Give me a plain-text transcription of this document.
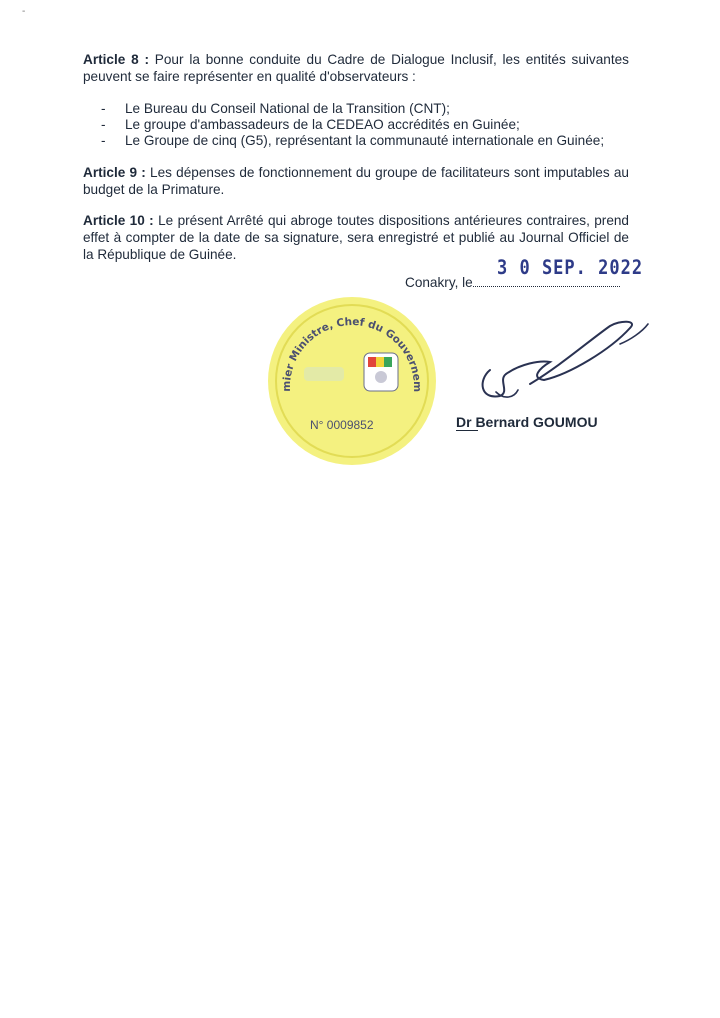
-

Article 8 : Pour la bonne conduite du Cadre de Dialogue Inclusif, les entités suivantes peuvent se faire représenter en qualité d'observateurs :

- Le Bureau du Conseil National de la Transition (CNT);
- Le groupe d'ambassadeurs de la CEDEAO accrédités en Guinée;
- Le Groupe de cinq (G5), représentant la communauté internationale en Guinée;

Article 9 : Les dépenses de fonctionnement du groupe de facilitateurs sont imputables au budget de la Primature.

Article 10 : Le présent Arrêté qui abroge toutes dispositions antérieures contraires, prend effet à compter de la date de sa signature, sera enregistré et publié au Journal Officiel de la République de Guinée.

Conakry, le
3 0 SEP. 2022
mier Ministre, Chef du Gouvernem
N° 0009852	Dr Bernard GOUMOU
